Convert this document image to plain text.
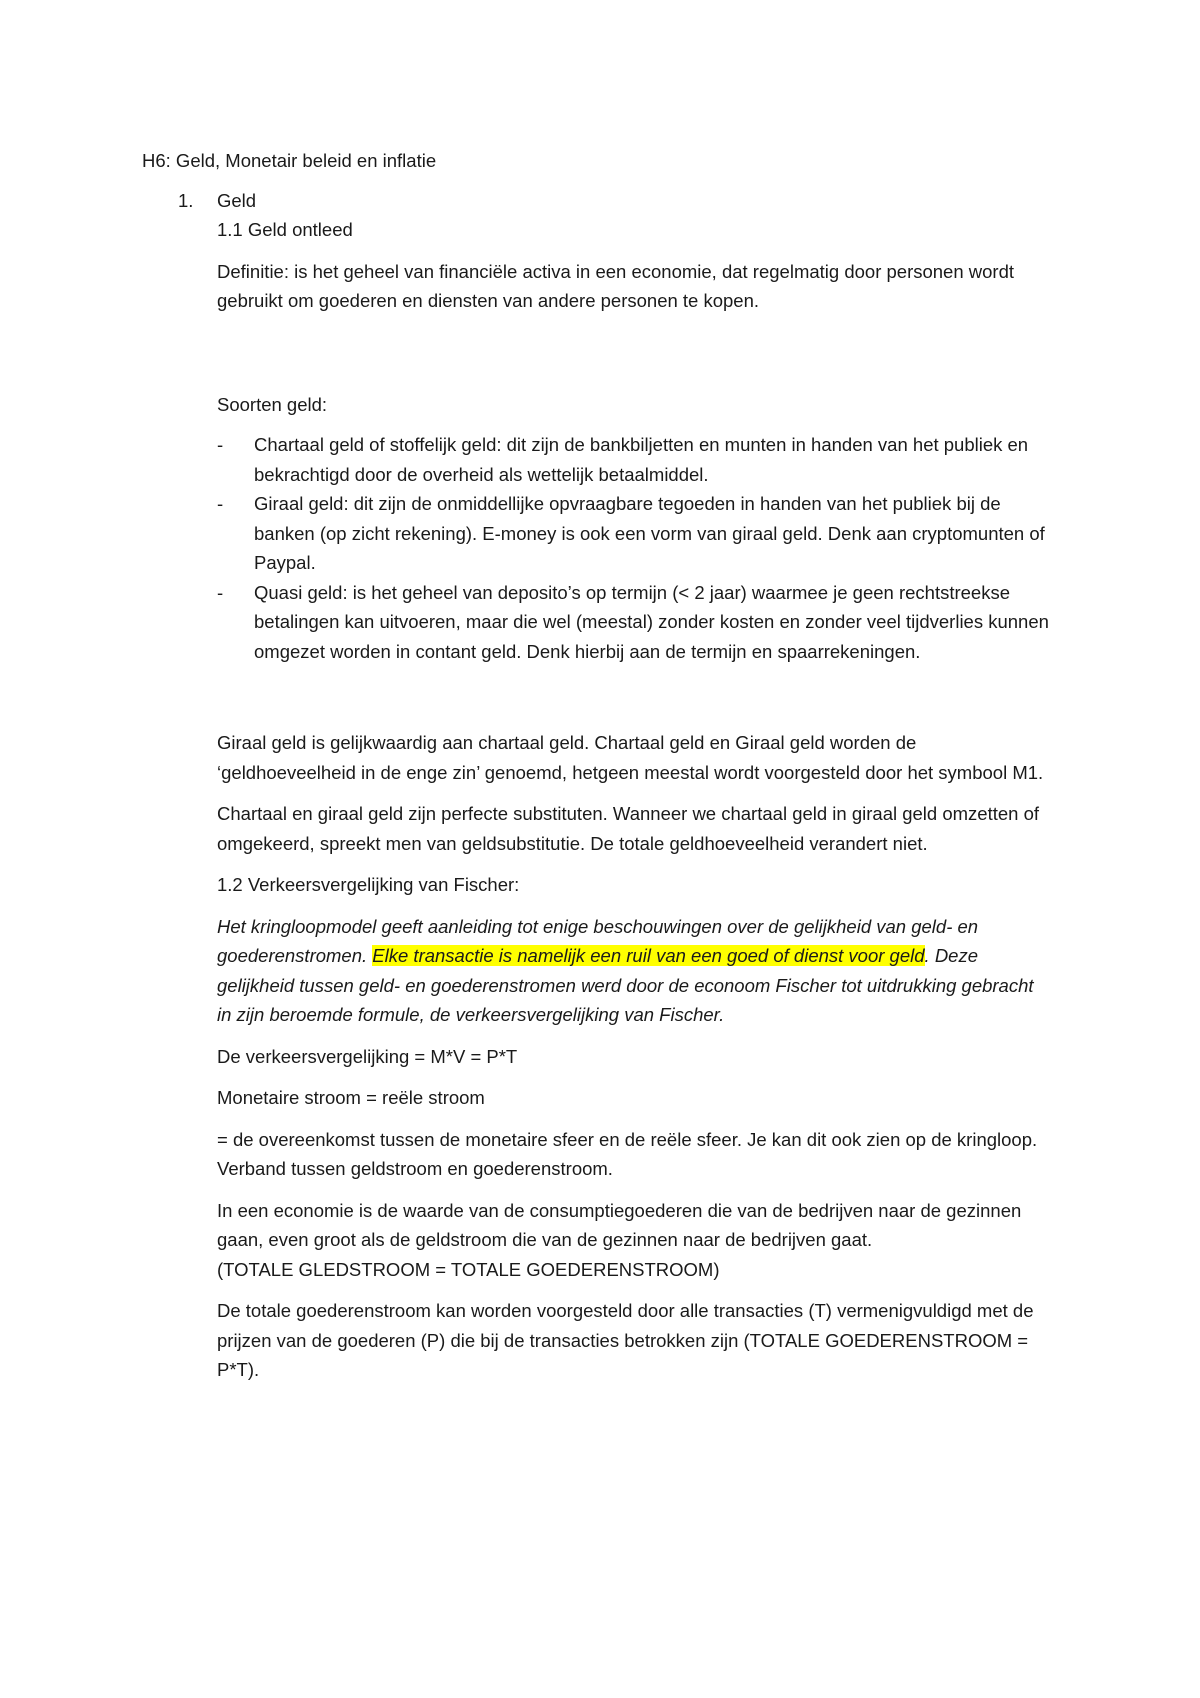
H6: Geld, Monetair beleid en inflatie

1. Geld

1.1 Geld ontleed

Definitie: is het geheel van financiële activa in een economie, dat regelmatig door personen wordt gebruikt om goederen en diensten van andere personen te kopen.

Soorten geld:

- Chartaal geld of stoffelijk geld: dit zijn de bankbiljetten en munten in handen van het publiek en bekrachtigd door de overheid als wettelijk betaalmiddel.
- Giraal geld: dit zijn de onmiddellijke opvraagbare tegoeden in handen van het publiek bij de banken (op zicht rekening). E-money is ook een vorm van giraal geld. Denk aan cryptomunten of Paypal.
- Quasi geld: is het geheel van deposito’s op termijn (< 2 jaar) waarmee je geen rechtstreekse betalingen kan uitvoeren, maar die wel (meestal) zonder kosten en zonder veel tijdverlies kunnen omgezet worden in contant geld. Denk hierbij aan de termijn en spaarrekeningen.

Giraal geld is gelijkwaardig aan chartaal geld. Chartaal geld en Giraal geld worden de ‘geldhoeveelheid in de enge zin’ genoemd, hetgeen meestal wordt voorgesteld door het symbool M1.

Chartaal en giraal geld zijn perfecte substituten. Wanneer we chartaal geld in giraal geld omzetten of omgekeerd, spreekt men van geldsubstitutie. De totale geldhoeveelheid verandert niet.

1.2 Verkeersvergelijking van Fischer:

Het kringloopmodel geeft aanleiding tot enige beschouwingen over de gelijkheid van geld- en goederenstromen. Elke transactie is namelijk een ruil van een goed of dienst voor geld. Deze gelijkheid tussen geld- en goederenstromen werd door de econoom Fischer tot uitdrukking gebracht in zijn beroemde formule, de verkeersvergelijking van Fischer.

De verkeersvergelijking = M*V = P*T

Monetaire stroom = reële stroom

= de overeenkomst tussen de monetaire sfeer en de reële sfeer. Je kan dit ook zien op de kringloop. Verband tussen geldstroom en goederenstroom.

In een economie is de waarde van de consumptiegoederen die van de bedrijven naar de gezinnen gaan, even groot als de geldstroom die van de gezinnen naar de bedrijven gaat.
(TOTALE GLEDSTROOM = TOTALE GOEDERENSTROOM)

De totale goederenstroom kan worden voorgesteld door alle transacties (T) vermenigvuldigd met de prijzen van de goederen (P) die bij de transacties betrokken zijn (TOTALE GOEDERENSTROOM = P*T).
